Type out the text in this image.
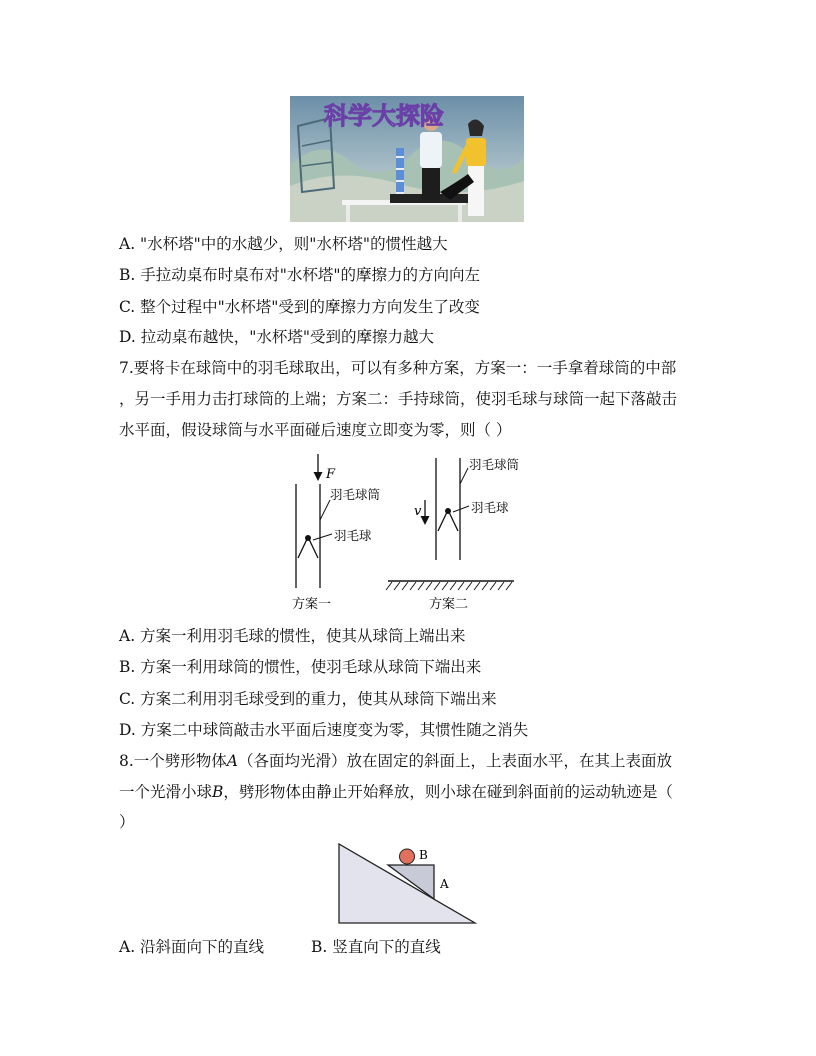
科学大探险
A. "水杯塔"中的水越少，则"水杯塔"的惯性越大
B. 手拉动桌布时桌布对"水杯塔"的摩擦力的方向向左
C. 整个过程中"水杯塔"受到的摩擦力方向发生了改变
D. 拉动桌布越快，"水杯塔"受到的摩擦力越大
7.要将卡在球筒中的羽毛球取出，可以有多种方案，方案一：一手拿着球筒的中部
，另一手用力击打球筒的上端；方案二：手持球筒，使羽毛球与球筒一起下落敲击
水平面，假设球筒与水平面碰后速度立即变为零，则（ ）
F
羽毛球筒
羽毛球
方案一
羽毛球筒
羽毛球
v
方案二
A. 方案一利用羽毛球的惯性，使其从球筒上端出来
B. 方案一利用球筒的惯性，使羽毛球从球筒下端出来
C. 方案二利用羽毛球受到的重力，使其从球筒下端出来
D. 方案二中球筒敲击水平面后速度变为零，其惯性随之消失
8.一个劈形物体A（各面均光滑）放在固定的斜面上，上表面水平，在其上表面放
一个光滑小球B，劈形物体由静止开始释放，则小球在碰到斜面前的运动轨迹是（
）
B
A
A. 沿斜面向下的直线	B. 竖直向下的直线
